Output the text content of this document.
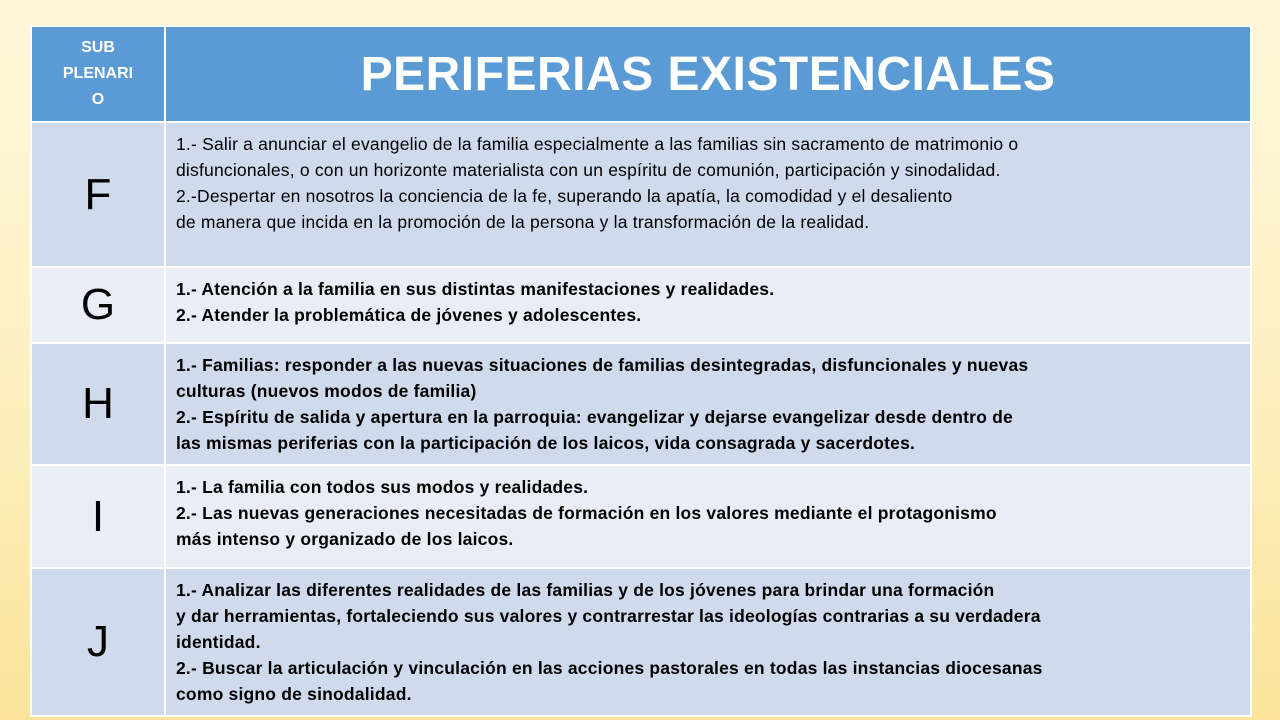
SUB
PLENARI
O	PERIFERIAS EXISTENCIALES
F	1.- Salir a anunciar el evangelio de la familia especialmente a las familias sin sacramento de matrimonio o
disfuncionales, o con un horizonte materialista con un espíritu de comunión, participación y sinodalidad.
2.-Despertar en nosotros la conciencia de la fe, superando la apatía, la comodidad y el desaliento
de manera que incida en la promoción de la persona y la transformación de la realidad.

G	1.- Atención a la familia en sus distintas manifestaciones y realidades.
2.- Atender la problemática de jóvenes y adolescentes.

H	1.- Familias: responder a las nuevas situaciones de familias desintegradas, disfuncionales y nuevas
culturas (nuevos modos de familia)
2.- Espíritu de salida y apertura en la parroquia: evangelizar y dejarse evangelizar desde dentro de
las mismas periferias con la participación de los laicos, vida consagrada y sacerdotes.

I	1.- La familia con todos sus modos y realidades.
2.- Las nuevas generaciones necesitadas de formación en los valores mediante el protagonismo
más intenso y organizado de los laicos.

J	1.- Analizar las diferentes realidades de las familias y de los jóvenes para brindar una formación
y dar herramientas, fortaleciendo sus valores y contrarrestar las ideologías contrarias a su verdadera
identidad.
2.- Buscar la articulación y vinculación en las acciones pastorales en todas las instancias diocesanas
como signo de sinodalidad.
